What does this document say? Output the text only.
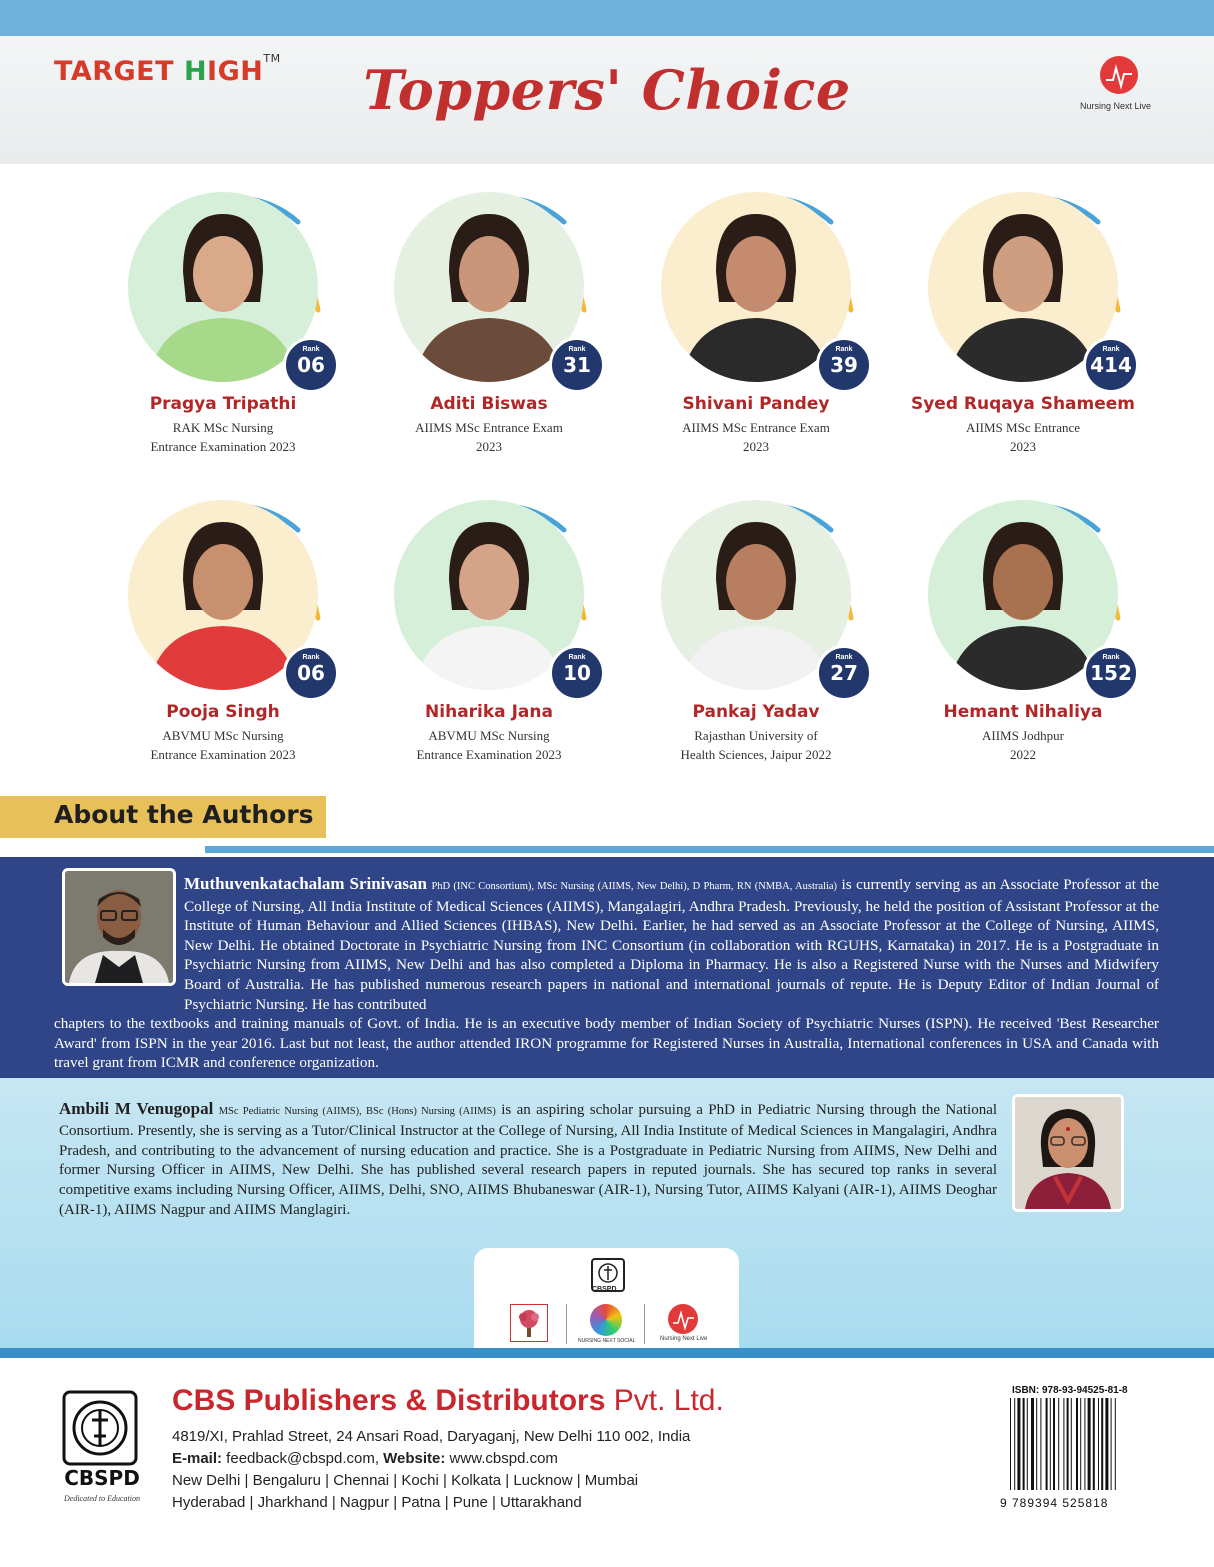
TARGET HIGH™	Toppers' Choice	Nursing Next Live
Rank
06
Pragya Tripathi
RAK MSc Nursing
Entrance Examination 2023
Rank
31
Aditi Biswas
AIIMS MSc Entrance Exam
2023
Rank
39
Shivani Pandey
AIIMS MSc Entrance Exam
2023
Rank
414
Syed Ruqaya Shameem
AIIMS MSc Entrance
2023
Rank
06
Pooja Singh
ABVMU MSc Nursing
Entrance Examination 2023
Rank
10
Niharika Jana
ABVMU MSc Nursing
Entrance Examination 2023
Rank
27
Pankaj Yadav
Rajasthan University of
Health Sciences, Jaipur 2022
Rank
152
Hemant Nihaliya
AIIMS Jodhpur
2022
About the Authors
Muthuvenkatachalam Srinivasan PhD (INC Consortium), MSc Nursing (AIIMS, New Delhi), D Pharm, RN (NMBA, Australia) is currently serving as an Associate Professor at the College of Nursing, All India Institute of Medical Sciences (AIIMS), Mangalagiri, Andhra Pradesh. Previously, he held the position of Assistant Professor at the Institute of Human Behaviour and Allied Sciences (IHBAS), New Delhi. Earlier, he had served as an Associate Professor at the College of Nursing, AIIMS, New Delhi. He obtained Doctorate in Psychiatric Nursing from INC Consortium (in collaboration with RGUHS, Karnataka) in 2017. He is a Postgraduate in Psychiatric Nursing from AIIMS, New Delhi and has also completed a Diploma in Pharmacy. He is also a Registered Nurse with the Nurses and Midwifery Board of Australia. He has published numerous research papers in national and international journals of repute. He is Deputy Editor of Indian Journal of Psychiatric Nursing. He has contributed
chapters to the textbooks and training manuals of Govt. of India. He is an executive body member of Indian Society of Psychiatric Nurses (ISPN). He received 'Best Researcher Award' from ISPN in the year 2016. Last but not least, the author attended IRON programme for Registered Nurses in Australia, International conferences in USA and Canada with travel grant from ICMR and conference organization.
Ambili M Venugopal MSc Pediatric Nursing (AIIMS), BSc (Hons) Nursing (AIIMS) is an aspiring scholar pursuing a PhD in Pediatric Nursing through the National Consortium. Presently, she is serving as a Tutor/Clinical Instructor at the College of Nursing, All India Institute of Medical Sciences in Mangalagiri, Andhra Pradesh, and contributing to the advancement of nursing education and practice. She is a Postgraduate in Pediatric Nursing from AIIMS, New Delhi and former Nursing Officer in AIIMS, New Delhi. She has published several research papers in reputed journals. She has secured top ranks in several competitive exams including Nursing Officer, AIIMS, Delhi, SNO, AIIMS Bhubaneswar (AIR-1), Nursing Tutor, AIIMS Kalyani (AIR-1), AIIMS Deoghar (AIR-1), AIIMS Nagpur and AIIMS Manglagiri.
CBSPD
NURSING NEXT SOCIAL	Nursing Next Live
CBSPD
Dedicated to Education
CBS Publishers & Distributors Pvt. Ltd.
4819/XI, Prahlad Street, 24 Ansari Road, Daryaganj, New Delhi 110 002, India
E-mail: feedback@cbspd.com, Website: www.cbspd.com
New Delhi | Bengaluru | Chennai | Kochi | Kolkata | Lucknow | Mumbai
Hyderabad | Jharkhand | Nagpur | Patna | Pune | Uttarakhand
ISBN: 978-93-94525-81-8
9 789394 525818
